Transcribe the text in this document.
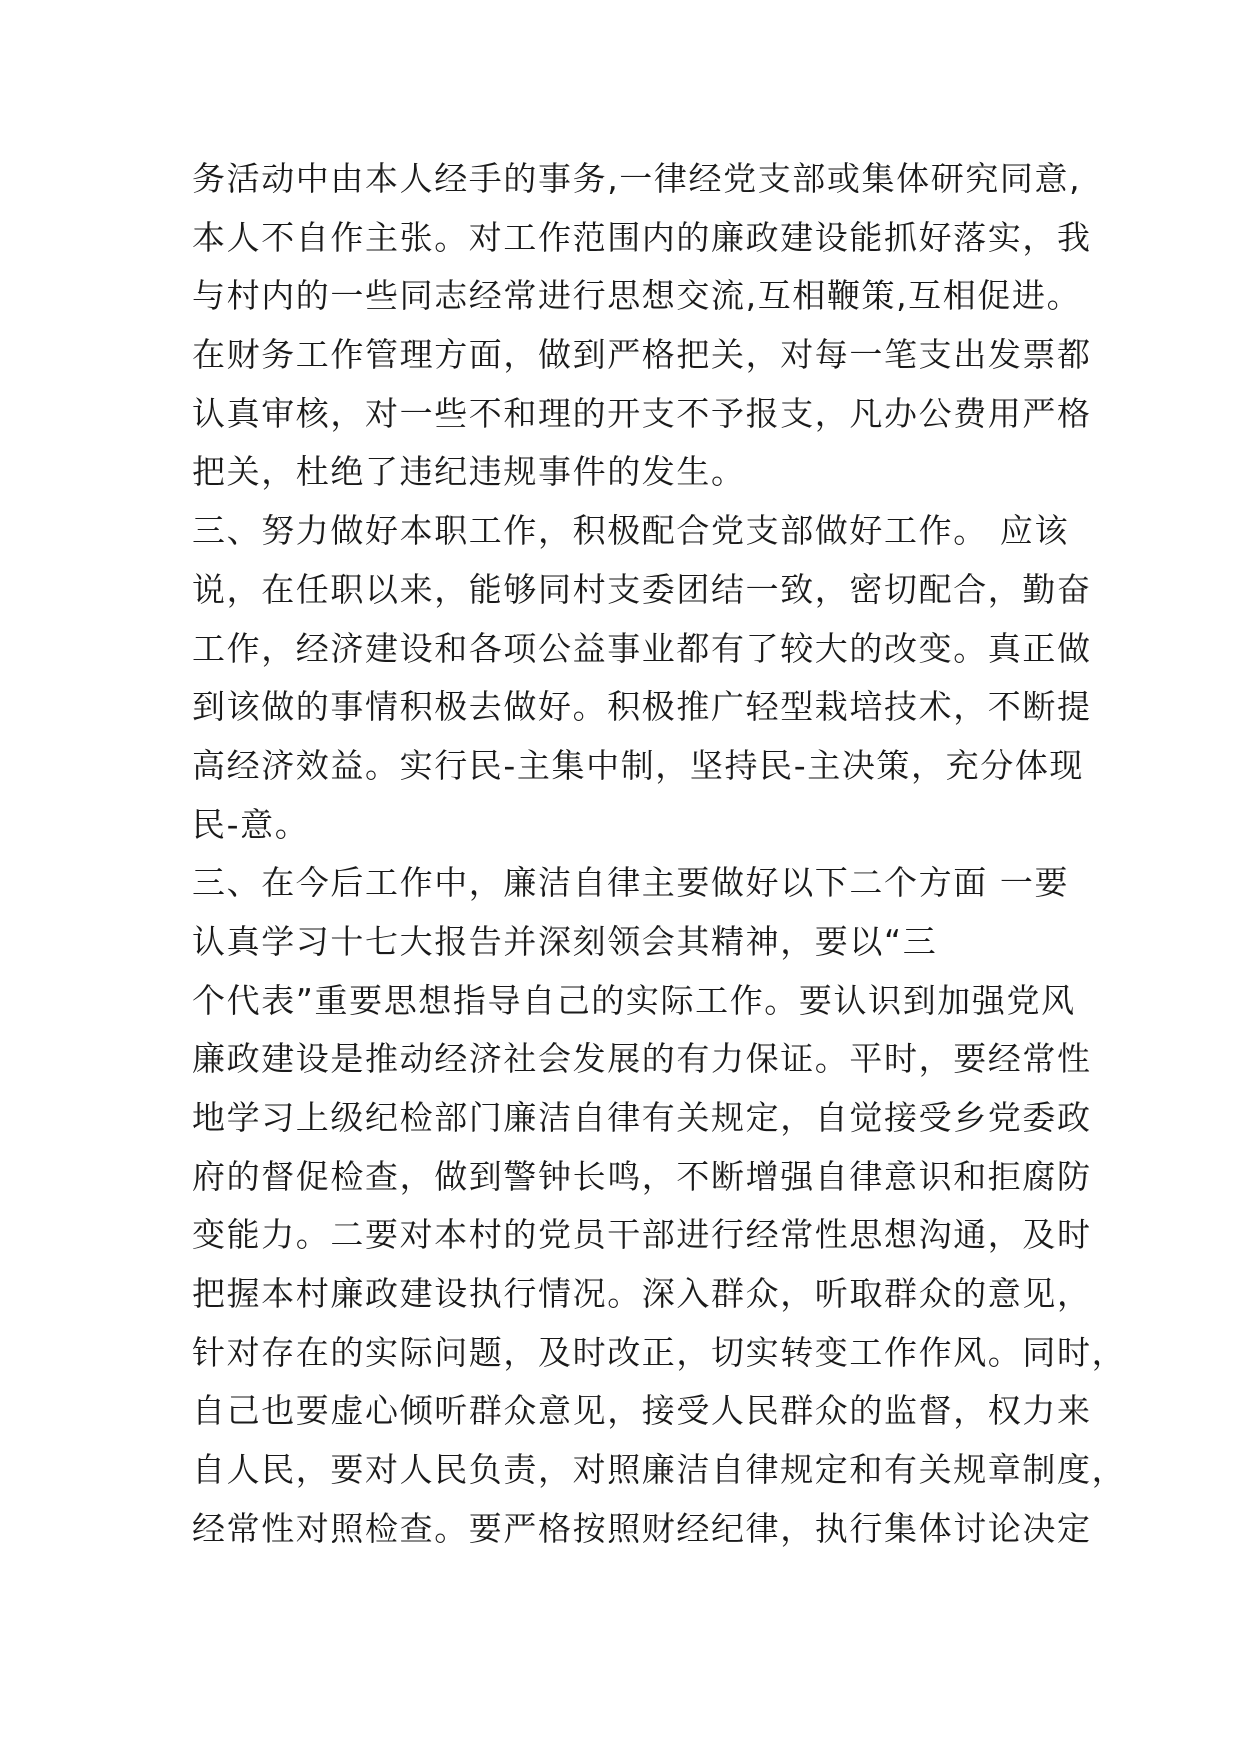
务活动中由本人经手的事务,一律经党支部或集体研究同意,
本人不自作主张。对工作范围内的廉政建设能抓好落实，我
与村内的一些同志经常进行思想交流,互相鞭策,互相促进。
在财务工作管理方面，做到严格把关，对每一笔支出发票都
认真审核，对一些不和理的开支不予报支，凡办公费用严格
把关，杜绝了违纪违规事件的发生。
三、努力做好本职工作，积极配合党支部做好工作。 应该
说，在任职以来，能够同村支委团结一致，密切配合，勤奋
工作，经济建设和各项公益事业都有了较大的改变。真正做
到该做的事情积极去做好。积极推广轻型栽培技术，不断提
高经济效益。实行民-主集中制，坚持民-主决策，充分体现
民-意。
三、在今后工作中，廉洁自律主要做好以下二个方面 一要
认真学习十七大报告并深刻领会其精神，要以“三
个代表”重要思想指导自己的实际工作。要认识到加强党风
廉政建设是推动经济社会发展的有力保证。平时，要经常性
地学习上级纪检部门廉洁自律有关规定，自觉接受乡党委政
府的督促检查，做到警钟长鸣，不断增强自律意识和拒腐防
变能力。二要对本村的党员干部进行经常性思想沟通，及时
把握本村廉政建设执行情况。深入群众，听取群众的意见，
针对存在的实际问题，及时改正，切实转变工作作风。同时，
自己也要虚心倾听群众意见，接受人民群众的监督，权力来
自人民，要对人民负责，对照廉洁自律规定和有关规章制度，
经常性对照检查。要严格按照财经纪律，执行集体讨论决定
